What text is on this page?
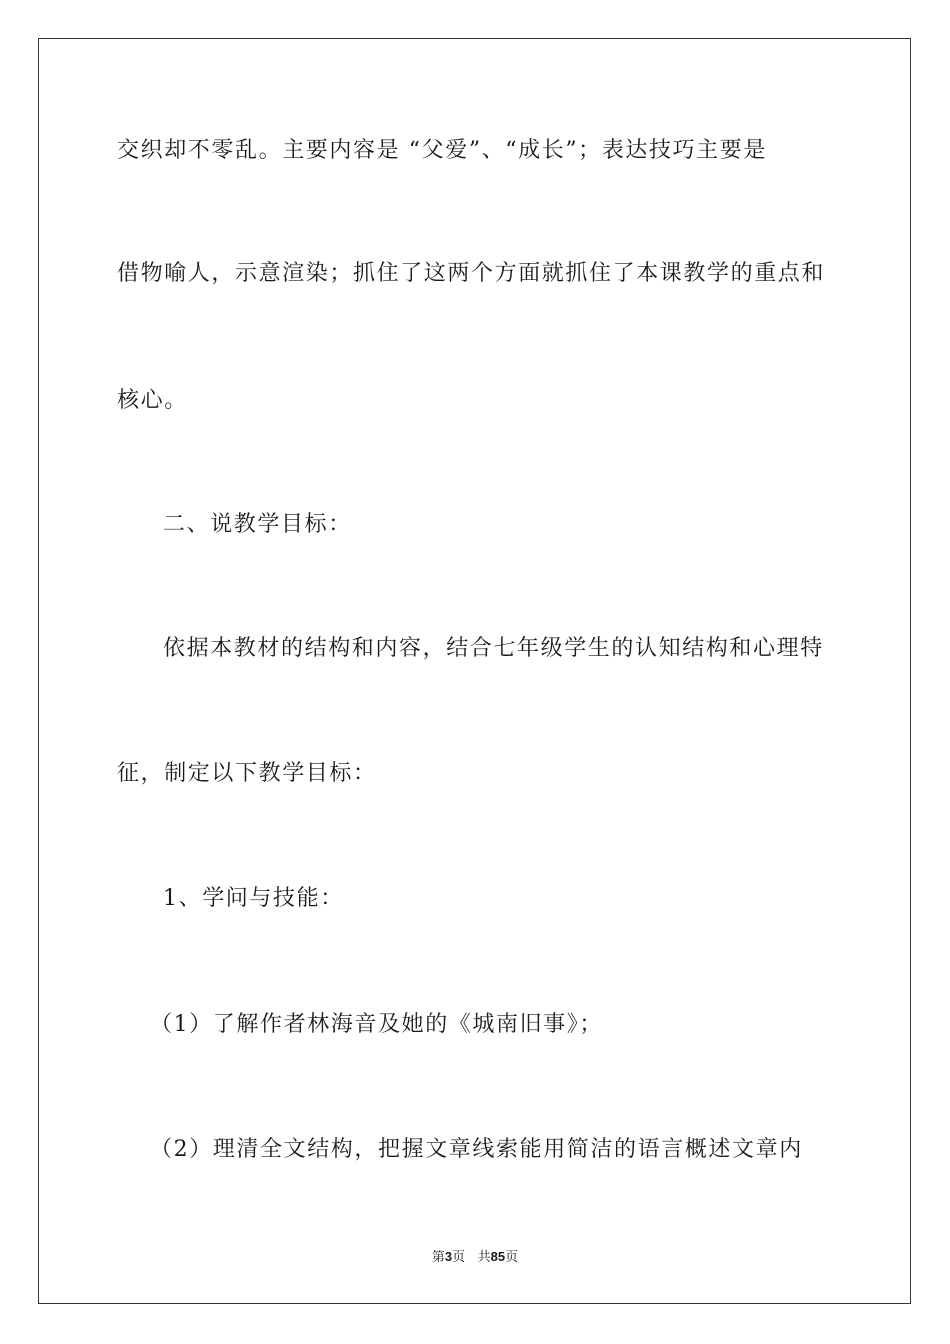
交织却不零乱。主要内容是 “父爱”、“成长”；表达技巧主要是
借物喻人，示意渲染；抓住了这两个方面就抓住了本课教学的重点和
核心。
二、说教学目标：
依据本教材的结构和内容，结合七年级学生的认知结构和心理特
征，制定以下教学目标：
1、学问与技能：
（1）了解作者林海音及她的《城南旧事》；
（2）理清全文结构，把握文章线索能用简洁的语言概述文章内
第3页 共85页
